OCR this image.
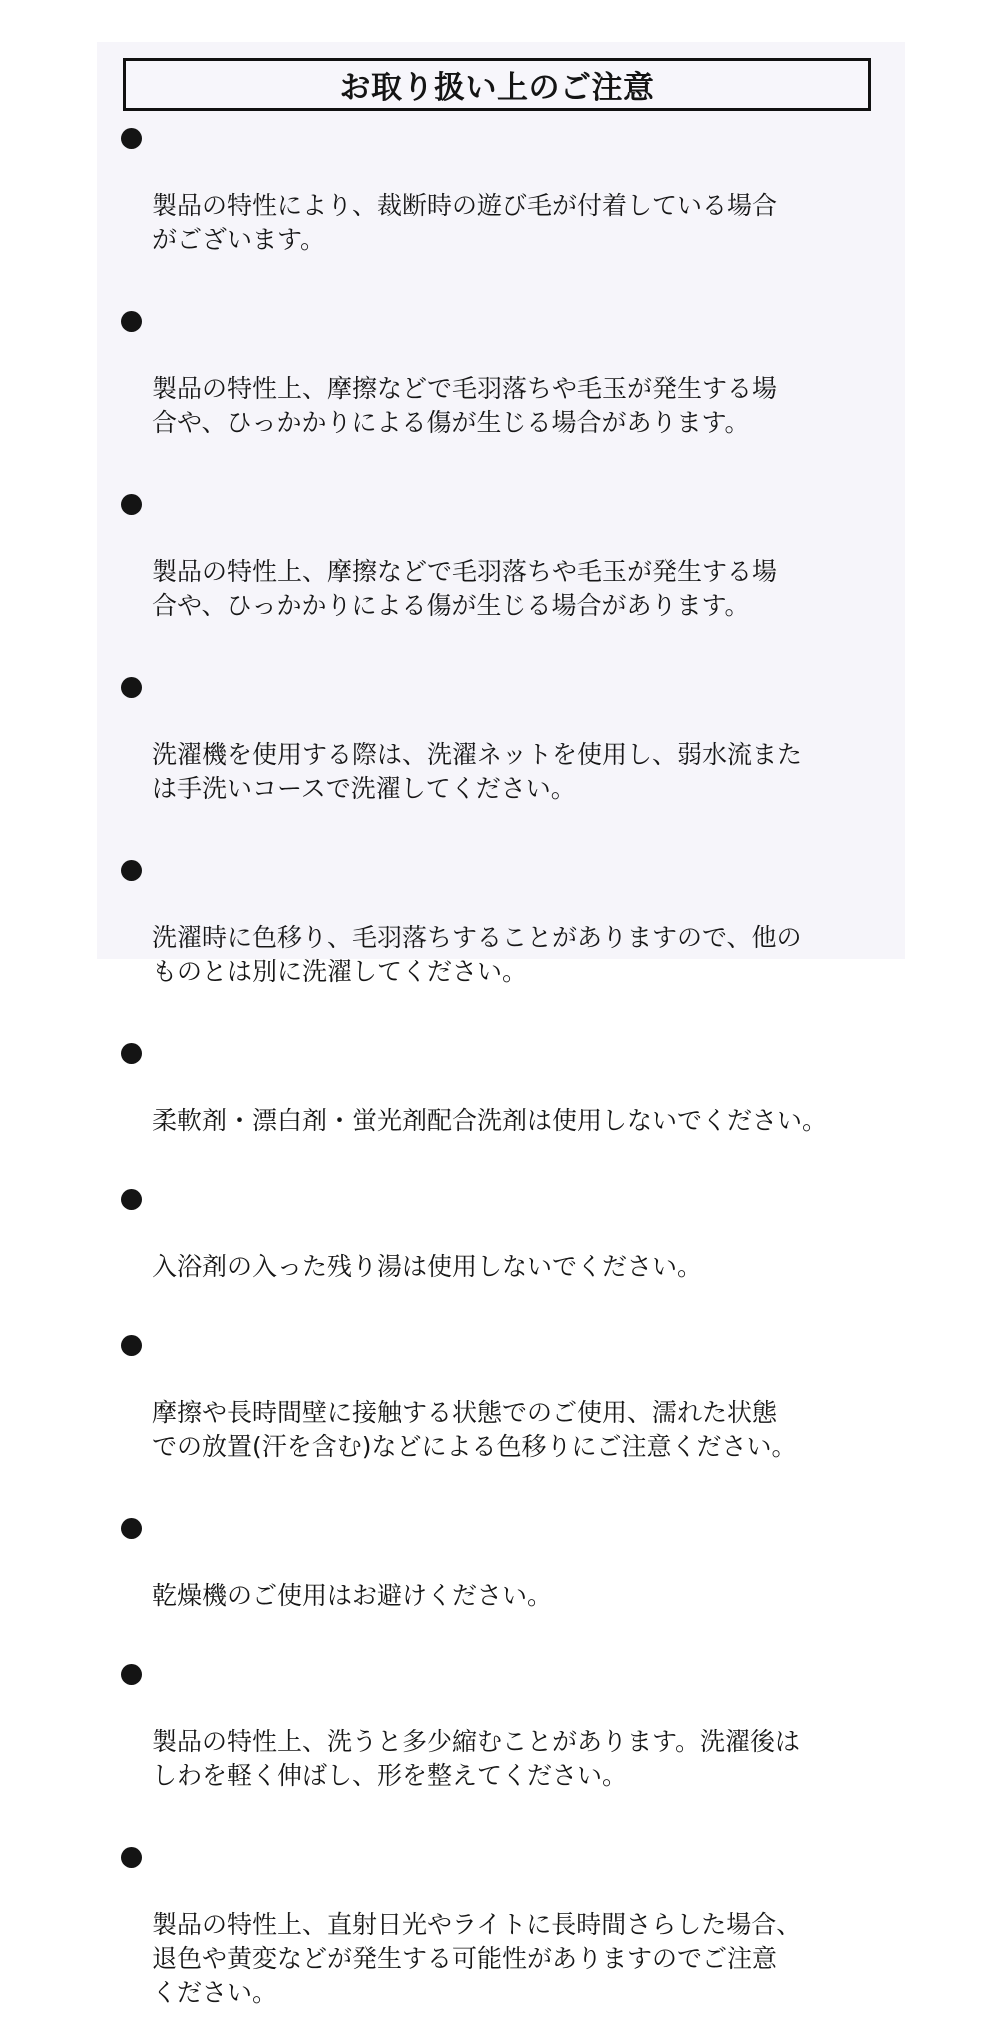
お取り扱い上のご注意

製品の特性により、裁断時の遊び毛が付着している場合
がございます。

製品の特性上、摩擦などで毛羽落ちや毛玉が発生する場
合や、ひっかかりによる傷が生じる場合があります。

製品の特性上、摩擦などで毛羽落ちや毛玉が発生する場
合や、ひっかかりによる傷が生じる場合があります。

洗濯機を使用する際は、洗濯ネットを使用し、弱水流また
は手洗いコースで洗濯してください。

洗濯時に色移り、毛羽落ちすることがありますので、他の
ものとは別に洗濯してください。

柔軟剤・漂白剤・蛍光剤配合洗剤は使用しないでください。

入浴剤の入った残り湯は使用しないでください。

摩擦や長時間壁に接触する状態でのご使用、濡れた状態
での放置(汗を含む)などによる色移りにご注意ください。

乾燥機のご使用はお避けください。

製品の特性上、洗うと多少縮むことがあります。洗濯後は
しわを軽く伸ばし、形を整えてください。

製品の特性上、直射日光やライトに長時間さらした場合、
退色や黄変などが発生する可能性がありますのでご注意
ください。
